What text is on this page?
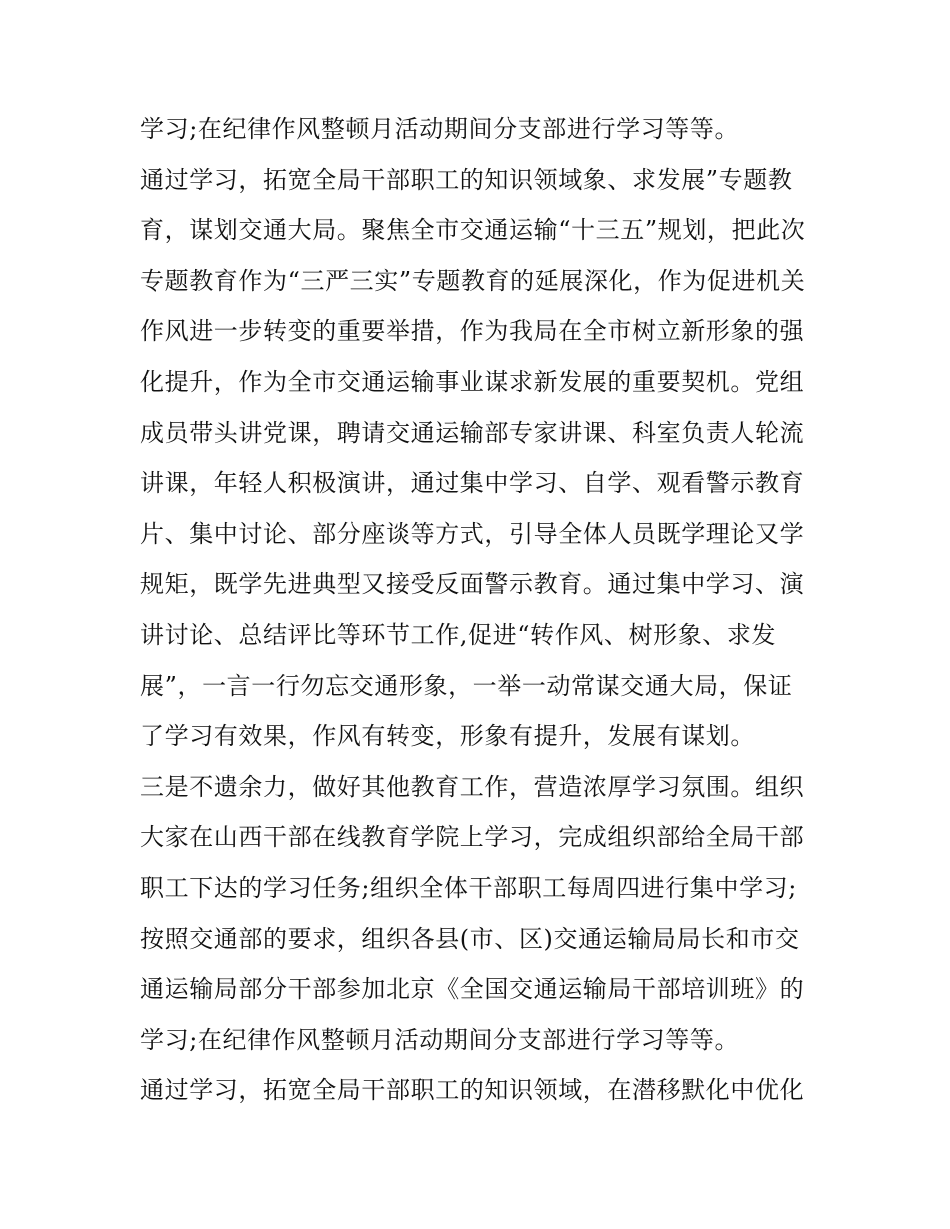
学习;在纪律作风整顿月活动期间分支部进行学习等等。
通过学习，拓宽全局干部职工的知识领域象、求发展”专题教
育，谋划交通大局。聚焦全市交通运输“十三五”规划，把此次
专题教育作为“三严三实”专题教育的延展深化，作为促进机关
作风进一步转变的重要举措，作为我局在全市树立新形象的强
化提升，作为全市交通运输事业谋求新发展的重要契机。党组
成员带头讲党课，聘请交通运输部专家讲课、科室负责人轮流
讲课，年轻人积极演讲，通过集中学习、自学、观看警示教育
片、集中讨论、部分座谈等方式，引导全体人员既学理论又学
规矩，既学先进典型又接受反面警示教育。通过集中学习、演
讲讨论、总结评比等环节工作,促进“转作风、树形象、求发
展”，一言一行勿忘交通形象，一举一动常谋交通大局，保证
了学习有效果，作风有转变，形象有提升，发展有谋划。
三是不遗余力，做好其他教育工作，营造浓厚学习氛围。组织
大家在山西干部在线教育学院上学习，完成组织部给全局干部
职工下达的学习任务;组织全体干部职工每周四进行集中学习;
按照交通部的要求，组织各县(市、区)交通运输局局长和市交
通运输局部分干部参加北京《全国交通运输局干部培训班》的
学习;在纪律作风整顿月活动期间分支部进行学习等等。
通过学习，拓宽全局干部职工的知识领域，在潜移默化中优化
